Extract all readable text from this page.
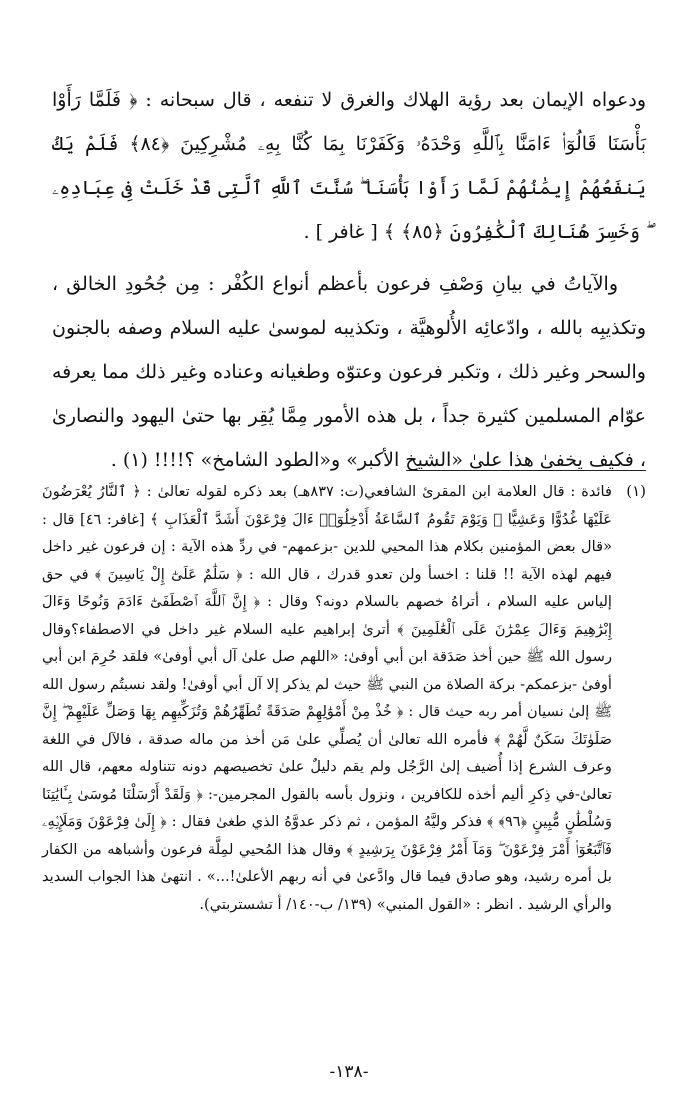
ودعواه الإيمان بعد رؤية الهلاك والغرق لا تنفعه ، قال سبحانه : ﴿ فَلَمَّا رَأَوْا بَأْسَنَا قَالُوٓا۟ ءَامَنَّا بِٱللَّهِ وَحْدَهُۥ وَكَفَرْنَا بِمَا كُنَّا بِهِۦ مُشْرِكِينَ ﴿٨٤﴾ فَلَمْ يَكُ يَنفَعُهُمْ إِيمَٰنُهُمْ لَمَّا رَأَوْا بَأْسَنَا ۖ سُنَّتَ ٱللَّهِ ٱلَّتِى قَدْ خَلَتْ فِى عِبَادِهِۦ ۖ وَخَسِرَ هُنَالِكَ ٱلْكَٰفِرُونَ ﴿٨٥﴾ ﴾ [ غافر ] .

والآياتُ في بيانِ وَصْفِ فرعون بأعظم أنواع الكُفْر : مِن جُحُودِ الخالق ، وتكذيبِه بالله ، وادّعائِه الأُلوهيَّة ، وتكذيبه لموسىٰ عليه السلام وصفه بالجنون والسحر وغير ذلك ، وتكبر فرعون وعتوّه وطغيانه وعناده وغير ذلك مما يعرفه عوّام المسلمين كثيرة جداً ، بل هذه الأمور مِمَّا يُقِر بها حتىٰ اليهود والنصارىٰ ، فكيف يخفىٰ هذا علىٰ «الشيخ الأكبر» و«الطود الشامخ» ؟!!!! (١) .

(١)

فائدة : قال العلامة ابن المقرئ الشافعي(ت: ٨٣٧هـ) بعد ذكره لقوله تعالىٰ : ﴿ ٱلنَّارُ يُعْرَضُونَ عَلَيْهَا غُدُوًّا وَعَشِيًّا ۖ وَيَوْمَ تَقُومُ ٱلسَّاعَةُ أَدْخِلُوٓا۟ ءَالَ فِرْعَوْنَ أَشَدَّ ٱلْعَذَابِ ﴾ [غافر: ٤٦] قال : «قال بعض المؤمنين بكلام هذا المحيي للدين -بزعمهم- في ردِّ هذه الآية : إن فرعون غير داخل فيهم لهذه الآية !! قلنا : اخسأ ولن تعدو قدرك ، قال الله : ﴿ سَلَٰمٌ عَلَىٰٓ إِلْ يَاسِينَ ﴾ في حق إلياس عليه السلام ، أتراهُ خصهم بالسلام دونه؟ وقال : ﴿ إِنَّ ٱللَّهَ ٱصْطَفَىٰٓ ءَادَمَ وَنُوحًا وَءَالَ إِبْرَٰهِيمَ وَءَالَ عِمْرَٰنَ عَلَى ٱلْعَٰلَمِينَ ﴾ أترىٰ إبراهيم عليه السلام غير داخل في الاصطفاء؟وقال رسول الله ﷺ حين أخذ صَدَقة ابن أبي أوفىٰ: «اللهم صل علىٰ آل أبي أوفىٰ» فلقد حُرِمَ ابن أبي أوفىٰ -بزعمكم- بركة الصلاة من النبي ﷺ حيث لم يذكر إلا آل أبي أوفىٰ! ولقد نسبتُم رسول الله ﷺ إلىٰ نسيان أمر ربه حيث قال : ﴿ خُذْ مِنْ أَمْوَٰلِهِمْ صَدَقَةً تُطَهِّرُهُمْ وَتُزَكِّيهِم بِهَا وَصَلِّ عَلَيْهِمْ ۖ إِنَّ صَلَوٰتَكَ سَكَنٌ لَّهُمْ ﴾ فأمره الله تعالىٰ أن يُصلِّي علىٰ مَن أخذ من ماله صدقة ، فالآل في اللغة وعرف الشرع إذا أُضيف إلىٰ الرَّجُل ولم يقم دليلٌ علىٰ تخصيصهم دونه تتناوله معهم، قال الله تعالىٰ-في ذِكرِ أليم أخذه للكافرين ، ونزول بأسه بالقول المجرمين-: ﴿ وَلَقَدْ أَرْسَلْنَا مُوسَىٰ بِـَٔايَٰتِنَا وَسُلْطَٰنٍ مُّبِينٍ ﴿٩٦﴾ ﴾ فذكر وليَّهُ المؤمن ، ثم ذكر عدوَّهُ الذي طغىٰ فقال : ﴿ إِلَىٰ فِرْعَوْنَ وَمَلَإِي۟هِۦ فَٱتَّبَعُوٓا۟ أَمْرَ فِرْعَوْنَ ۖ وَمَآ أَمْرُ فِرْعَوْنَ بِرَشِيدٍ ﴾ وقال هذا المُحيي لمِلَّة فرعون وأشباهه من الكفار بل أمره رشيد، وهو صادق فيما قال وادَّعىٰ في أنه ربهم الأعلىٰ!...» . انتهىٰ هذا الجواب السديد والرأي الرشيد . انظر : «القول المنبي» (١٣٩/ ب-١٤٠/ أ تشستربتي).

-١٣٨-
